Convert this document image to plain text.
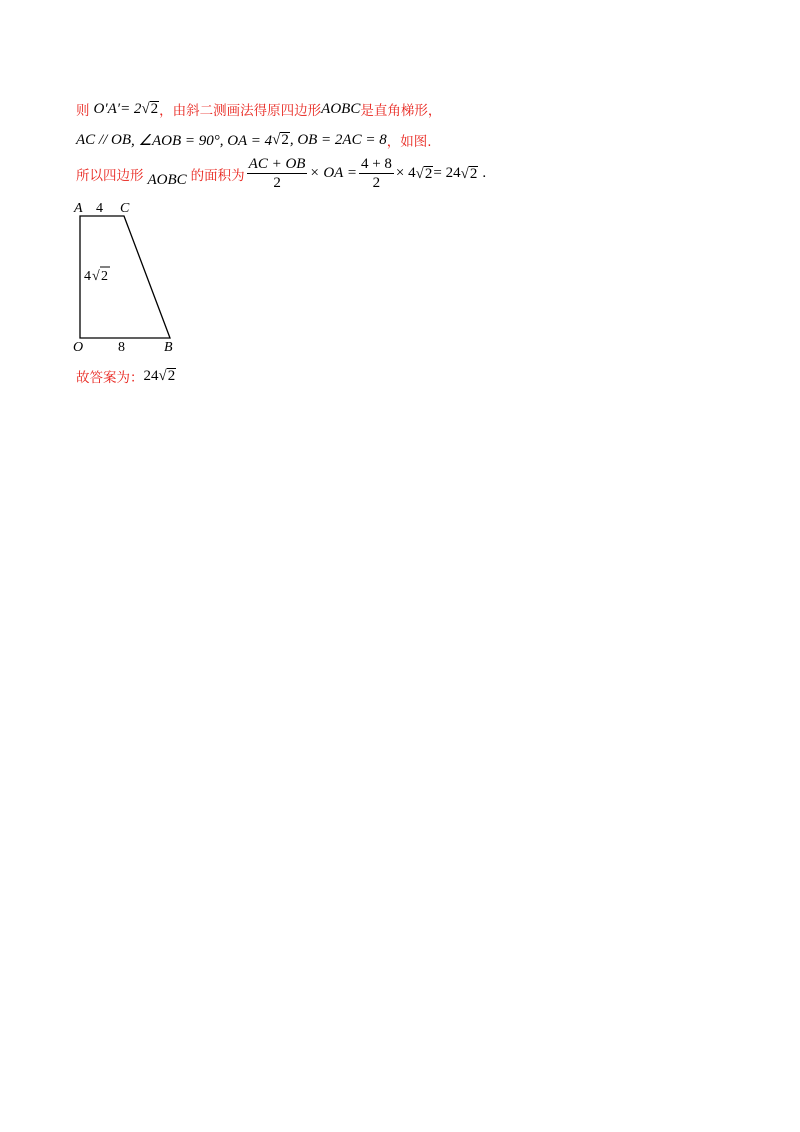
则 O′A′ = 2 √ 2 ，由斜二测画法得原四边形 AOBC 是直角梯形，
AC // OB , ∠AOB = 90°, OA = 4 √ 2 , OB = 2AC = 8 ，如图.
所以四边形 AOBC 的面积为 $\frac{AC + OB}{2}$ × OA = $\frac{4 + 8}{2} \times 4$ √ 2 = 24 √ 2 .
A 4 C
4 √ 2
O 8	B
故答案为： 24 √ 2
